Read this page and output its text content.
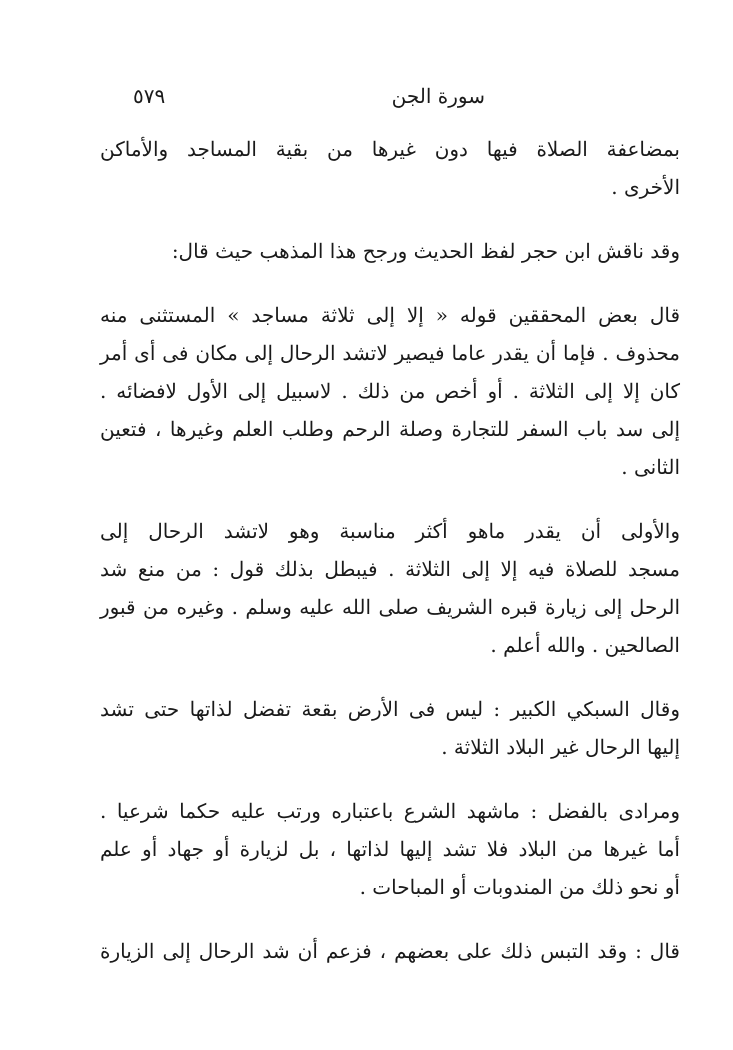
سورة الجن
٥٧٩
بمضاعفة الصلاة فيها دون غيرها من بقية المساجد والأماكن
الأخرى .
وقد ناقش ابن حجر لفظ الحديث ورجح هذا المذهب حيث قال:
قال بعض المحققين قوله « إلا إلى ثلاثة مساجد » المستثنى منه
محذوف . فإما أن يقدر عاما فيصير لاتشد الرحال إلى مكان فى أى أمر
كان إلا إلى الثلاثة . أو أخص من ذلك . لاسبيل إلى الأول لافضائه .
إلى سد باب السفر للتجارة وصلة الرحم وطلب العلم وغيرها ، فتعين
الثانى .
والأولى أن يقدر ماهو أكثر مناسبة وهو لاتشد الرحال إلى
مسجد للصلاة فيه إلا إلى الثلاثة . فيبطل بذلك قول : من منع شد
الرحل إلى زيارة قبره الشريف صلى الله عليه وسلم . وغيره من قبور
الصالحين . والله أعلم .
وقال السبكي الكبير : ليس فى الأرض بقعة تفضل لذاتها حتى تشد
إليها الرحال غير البلاد الثلاثة .
ومرادى بالفضل : ماشهد الشرع باعتباره ورتب عليه حكما شرعيا .
أما غيرها من البلاد فلا تشد إليها لذاتها ، بل لزيارة أو جهاد أو علم
أو نحو ذلك من المندوبات أو المباحات .
قال : وقد التبس ذلك على بعضهم ، فزعم أن شد الرحال إلى الزيارة
